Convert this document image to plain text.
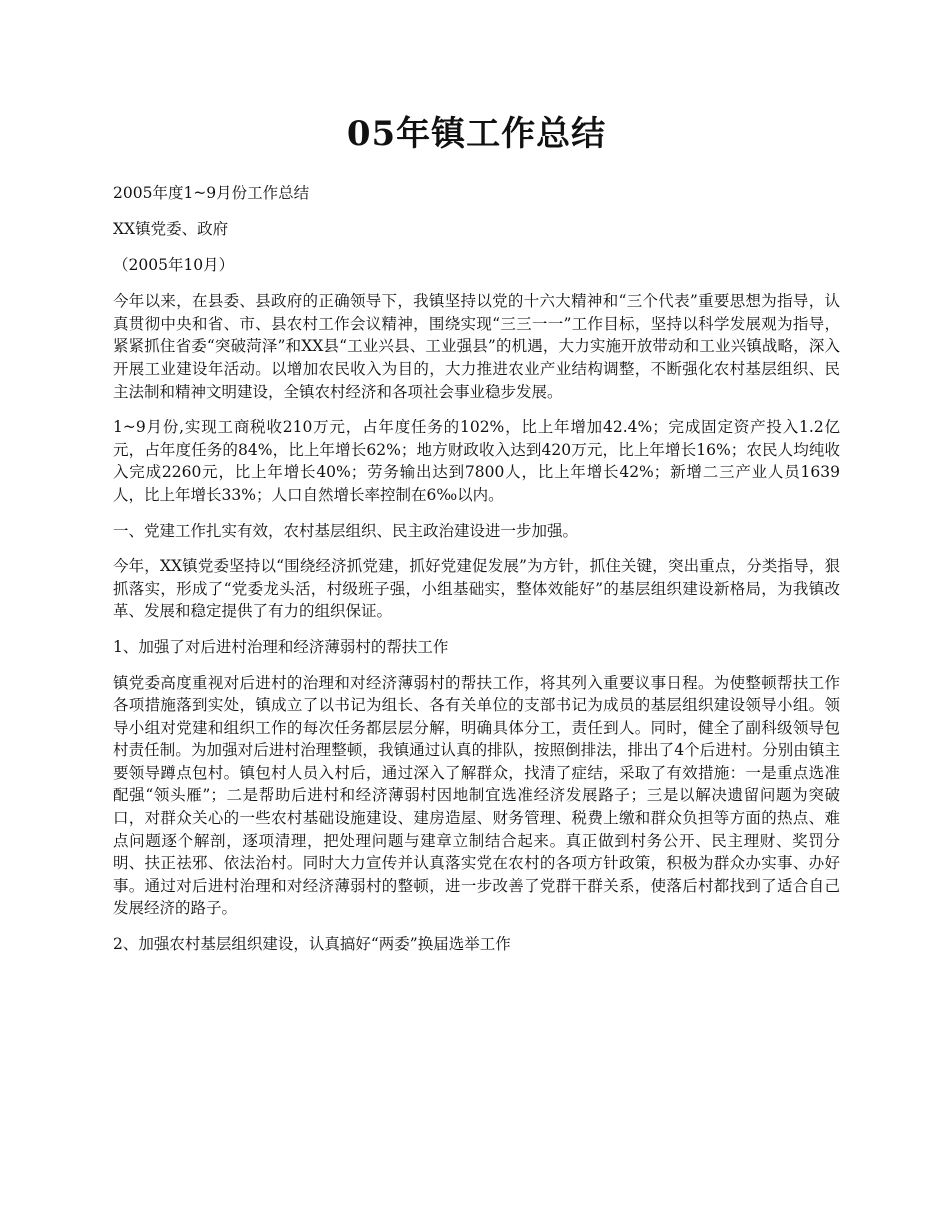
05年镇工作总结

2005年度1~9月份工作总结

XX镇党委、政府

（2005年10月）

今年以来，在县委、县政府的正确领导下，我镇坚持以党的十六大精神和“三个代表”重要思想为指导，认真贯彻中央和省、市、县农村工作会议精神，围绕实现“三三一一”工作目标，坚持以科学发展观为指导，紧紧抓住省委“突破菏泽”和XX县“工业兴县、工业强县”的机遇，大力实施开放带动和工业兴镇战略，深入开展工业建设年活动。以增加农民收入为目的，大力推进农业产业结构调整，不断强化农村基层组织、民主法制和精神文明建设，全镇农村经济和各项社会事业稳步发展。

1~9月份,实现工商税收210万元，占年度任务的102%，比上年增加42.4%；完成固定资产投入1.2亿元，占年度任务的84%，比上年增长62%；地方财政收入达到420万元，比上年增长16%；农民人均纯收入完成2260元，比上年增长40%；劳务输出达到7800人，比上年增长42%；新增二三产业人员1639人，比上年增长33%；人口自然增长率控制在6‰以内。

一、党建工作扎实有效，农村基层组织、民主政治建设进一步加强。

今年，XX镇党委坚持以“围绕经济抓党建，抓好党建促发展”为方针，抓住关键，突出重点，分类指导，狠抓落实，形成了“党委龙头活，村级班子强，小组基础实，整体效能好”的基层组织建设新格局，为我镇改革、发展和稳定提供了有力的组织保证。

1、加强了对后进村治理和经济薄弱村的帮扶工作

镇党委高度重视对后进村的治理和对经济薄弱村的帮扶工作，将其列入重要议事日程。为使整顿帮扶工作各项措施落到实处，镇成立了以书记为组长、各有关单位的支部书记为成员的基层组织建设领导小组。领导小组对党建和组织工作的每次任务都层层分解，明确具体分工，责任到人。同时，健全了副科级领导包村责任制。为加强对后进村治理整顿，我镇通过认真的排队，按照倒排法，排出了4个后进村。分别由镇主要领导蹲点包村。镇包村人员入村后，通过深入了解群众，找清了症结，采取了有效措施：一是重点选准配强“领头雁”；二是帮助后进村和经济薄弱村因地制宜选准经济发展路子；三是以解决遗留问题为突破口，对群众关心的一些农村基础设施建设、建房造屋、财务管理、税费上缴和群众负担等方面的热点、难点问题逐个解剖，逐项清理，把处理问题与建章立制结合起来。真正做到村务公开、民主理财、奖罚分明、扶正祛邪、依法治村。同时大力宣传并认真落实党在农村的各项方针政策，积极为群众办实事、办好事。通过对后进村治理和对经济薄弱村的整顿，进一步改善了党群干群关系，使落后村都找到了适合自己发展经济的路子。

2、加强农村基层组织建设，认真搞好“两委”换届选举工作
